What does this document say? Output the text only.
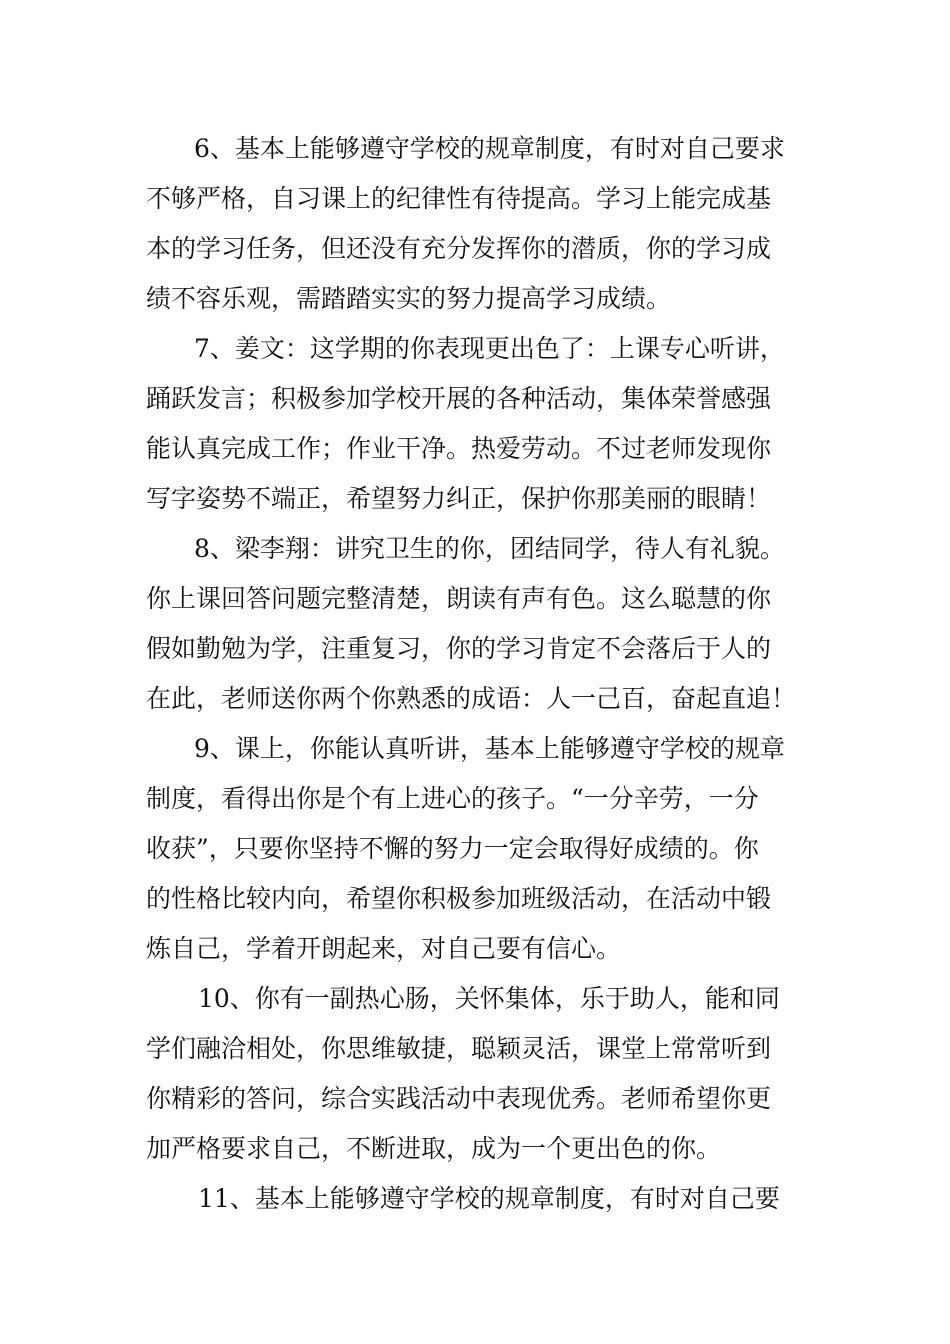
6、基本上能够遵守学校的规章制度，有时对自己要求

不够严格，自习课上的纪律性有待提高。学习上能完成基

本的学习任务，但还没有充分发挥你的潜质，你的学习成

绩不容乐观，需踏踏实实的努力提高学习成绩。

7、姜文：这学期的你表现更出色了：上课专心听讲，

踊跃发言；积极参加学校开展的各种活动，集体荣誉感强

能认真完成工作；作业干净。热爱劳动。不过老师发现你

写字姿势不端正，希望努力纠正，保护你那美丽的眼睛！

8、梁李翔：讲究卫生的你，团结同学，待人有礼貌。

你上课回答问题完整清楚，朗读有声有色。这么聪慧的你

假如勤勉为学，注重复习，你的学习肯定不会落后于人的

在此，老师送你两个你熟悉的成语：人一己百，奋起直追！

9、课上，你能认真听讲，基本上能够遵守学校的规章

制度，看得出你是个有上进心的孩子。“一分辛劳，一分

收获”，只要你坚持不懈的努力一定会取得好成绩的。你

的性格比较内向，希望你积极参加班级活动，在活动中锻

炼自己，学着开朗起来，对自己要有信心。

10、你有一副热心肠，关怀集体，乐于助人，能和同

学们融洽相处，你思维敏捷，聪颖灵活，课堂上常常听到

你精彩的答问，综合实践活动中表现优秀。老师希望你更

加严格要求自己，不断进取，成为一个更出色的你。

11、基本上能够遵守学校的规章制度，有时对自己要
